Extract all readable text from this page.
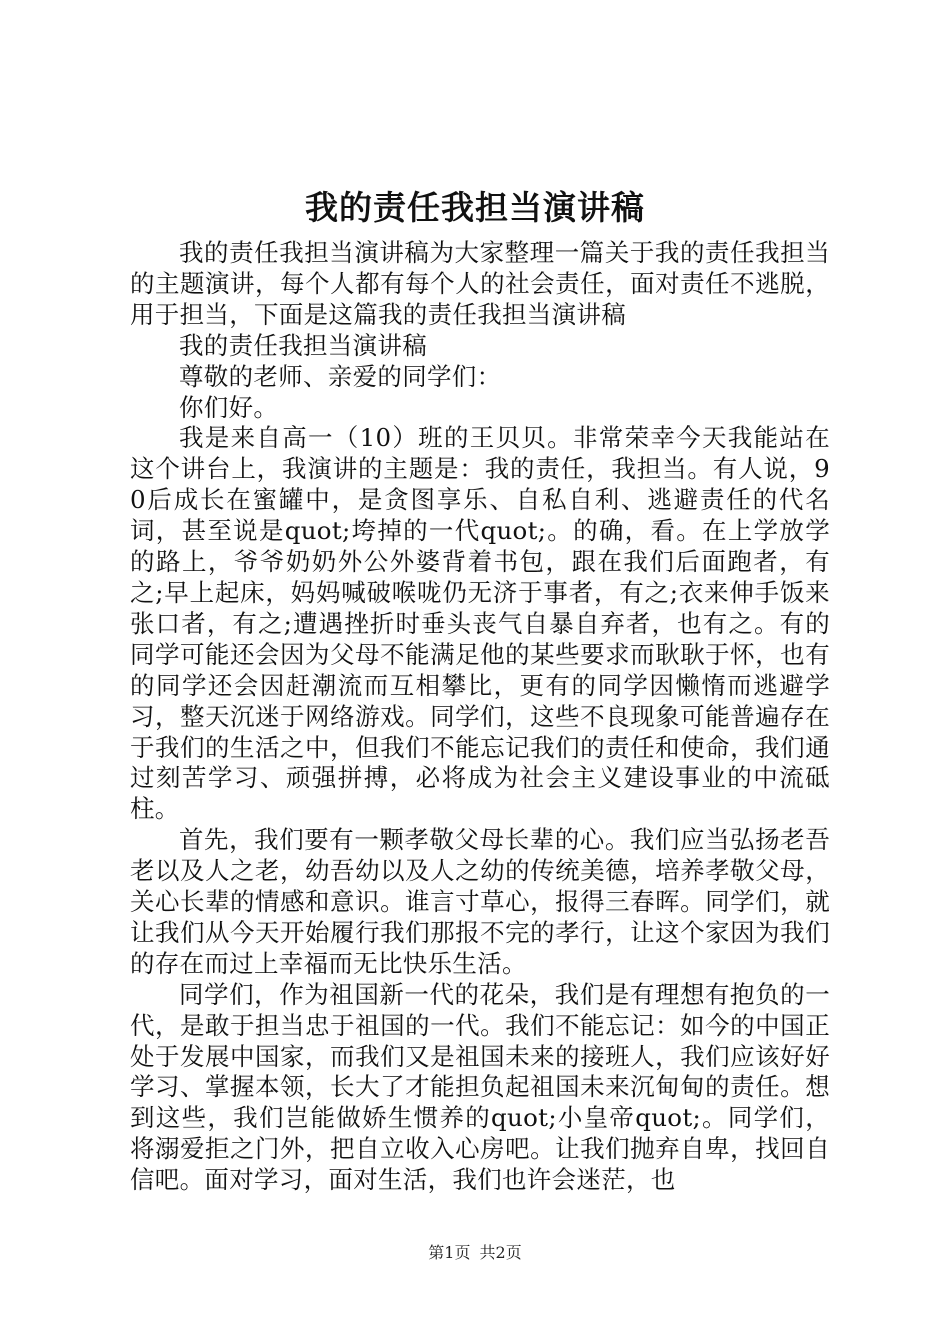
我的责任我担当演讲稿

我的责任我担当演讲稿为大家整理一篇关于我的责任我担当的主题演讲，每个人都有每个人的社会责任，面对责任不逃脱，用于担当，下面是这篇我的责任我担当演讲稿

我的责任我担当演讲稿

尊敬的老师、亲爱的同学们：

你们好。

我是来自高一（10）班的王贝贝。非常荣幸今天我能站在这个讲台上，我演讲的主题是：我的责任，我担当。有人说，90后成长在蜜罐中，是贪图享乐、自私自利、逃避责任的代名词，甚至说是quot;垮掉的一代quot;。的确，看。在上学放学的路上，爷爷奶奶外公外婆背着书包，跟在我们后面跑者，有之;早上起床，妈妈喊破喉咙仍无济于事者，有之;衣来伸手饭来张口者，有之;遭遇挫折时垂头丧气自暴自弃者，也有之。有的同学可能还会因为父母不能满足他的某些要求而耿耿于怀，也有的同学还会因赶潮流而互相攀比，更有的同学因懒惰而逃避学习，整天沉迷于网络游戏。同学们，这些不良现象可能普遍存在于我们的生活之中，但我们不能忘记我们的责任和使命，我们通过刻苦学习、顽强拼搏，必将成为社会主义建设事业的中流砥柱。

首先，我们要有一颗孝敬父母长辈的心。我们应当弘扬老吾老以及人之老，幼吾幼以及人之幼的传统美德，培养孝敬父母，关心长辈的情感和意识。谁言寸草心，报得三春晖。同学们，就让我们从今天开始履行我们那报不完的孝行，让这个家因为我们的存在而过上幸福而无比快乐生活。

同学们，作为祖国新一代的花朵，我们是有理想有抱负的一代，是敢于担当忠于祖国的一代。我们不能忘记：如今的中国正处于发展中国家，而我们又是祖国未来的接班人，我们应该好好学习、掌握本领，长大了才能担负起祖国未来沉甸甸的责任。想到这些，我们岂能做娇生惯养的quot;小皇帝quot;。同学们，将溺爱拒之门外，把自立收入心房吧。让我们抛弃自卑，找回自信吧。面对学习，面对生活，我们也许会迷茫，也

第1页 共2页
